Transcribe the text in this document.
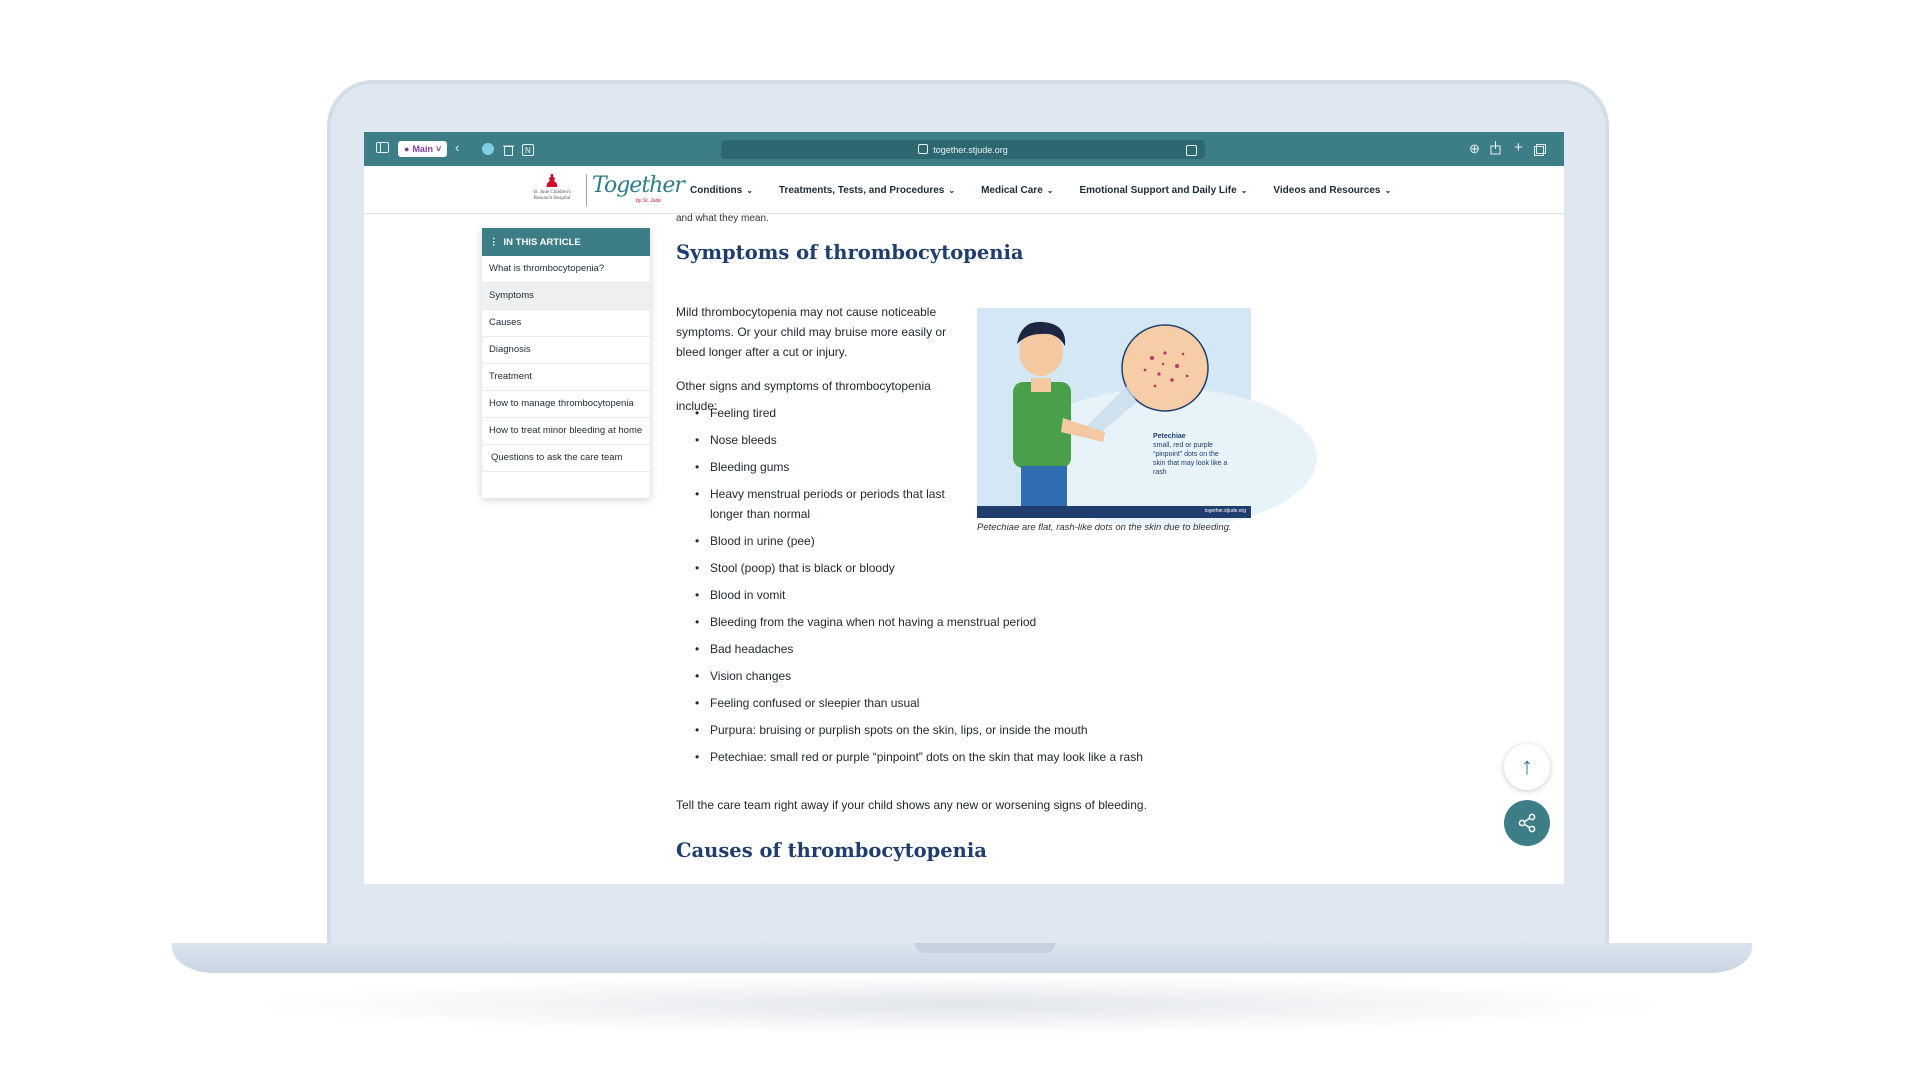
● Main ˅ ‹	N	together.stjude.org	⊕ +
♟
St. Jude Children's Research Hospital
Together
by St. Jude
Conditions ⌄	Treatments, Tests, and Procedures ⌄	Medical Care ⌄	Emotional Support and Daily Life ⌄	Videos and Resources ⌄
and what they mean.
⋮ IN THIS ARTICLE
What is thrombocytopenia?
Symptoms
Causes
Diagnosis
Treatment
How to manage thrombocytopenia
How to treat minor bleeding at home
Questions to ask the care team
Symptoms of thrombocytopenia

Mild thrombocytopenia may not cause noticeable symptoms. Or your child may bruise more easily or bleed longer after a cut or injury.

Other signs and symptoms of thrombocytopenia include:

• Feeling tired
• Nose bleeds
• Bleeding gums
• Heavy menstrual periods or periods that last longer than normal
• Blood in urine (pee)
• Stool (poop) that is black or bloody
• Blood in vomit
• Bleeding from the vagina when not having a menstrual period
• Bad headaches
• Vision changes
• Feeling confused or sleepier than usual
• Purpura: bruising or purplish spots on the skin, lips, or inside the mouth
• Petechiae: small red or purple “pinpoint” dots on the skin that may look like a rash

Tell the care team right away if your child shows any new or worsening signs of bleeding.

Causes of thrombocytopenia
Petechiae
small, red or purple “pinpoint” dots on the skin that may look like a rash
together.stjude.org
Petechiae are flat, rash-like dots on the skin due to bleeding.
↑
